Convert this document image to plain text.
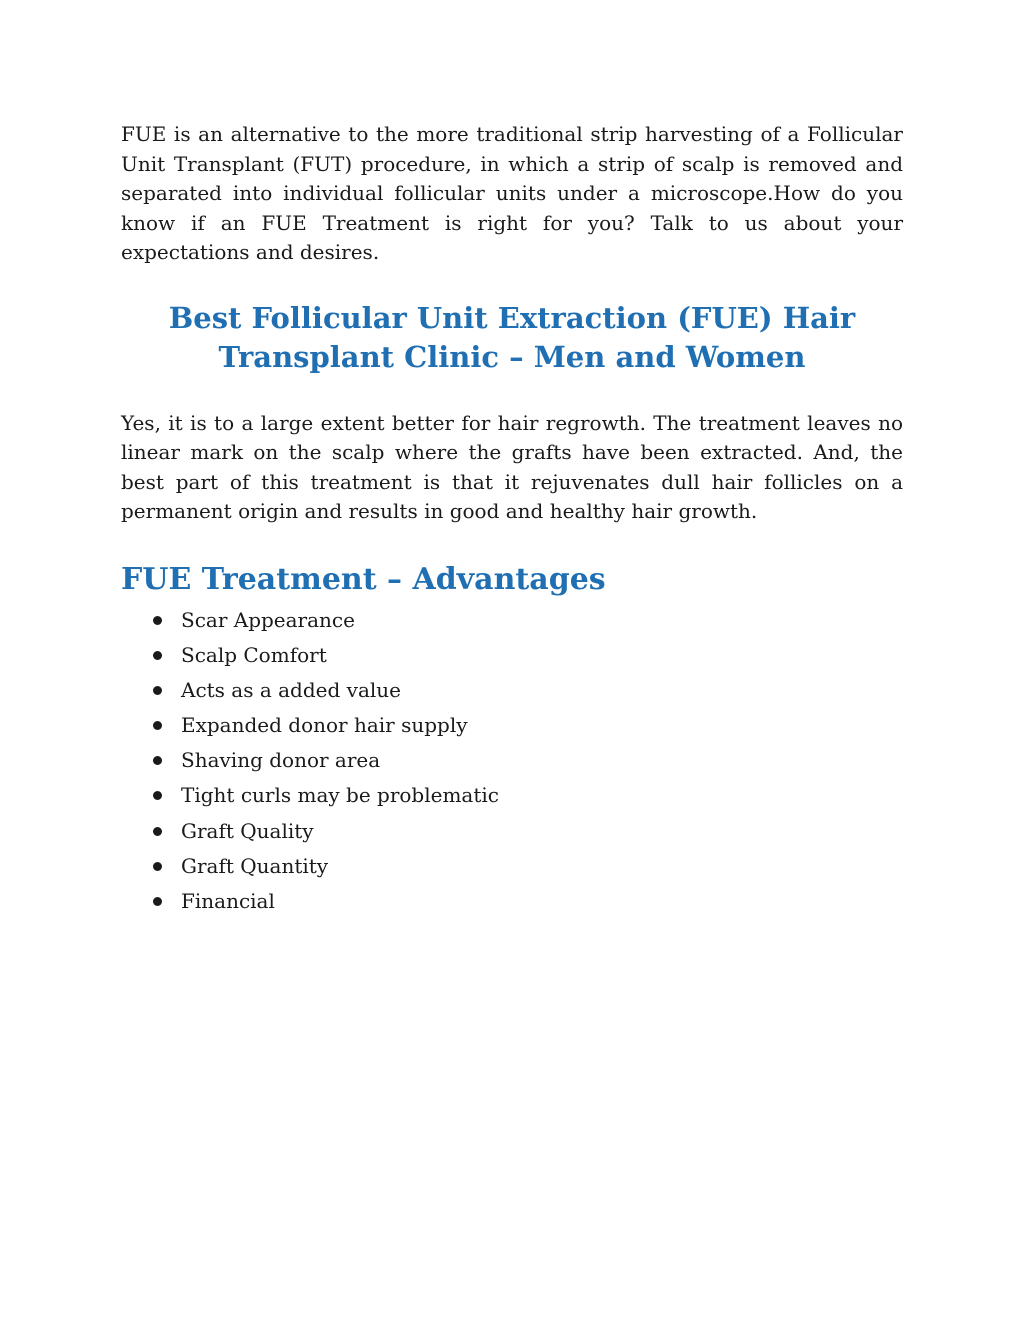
FUE is an alternative to the more traditional strip harvesting of a Follicular Unit Transplant (FUT) procedure, in which a strip of scalp is removed and separated into individual follicular units under a microscope.How do you know if an FUE Treatment is right for you? Talk to us about your expectations and desires.

Best Follicular Unit Extraction (FUE) Hair Transplant Clinic – Men and Women

Yes, it is to a large extent better for hair regrowth. The treatment leaves no linear mark on the scalp where the grafts have been extracted. And, the best part of this treatment is that it rejuvenates dull hair follicles on a permanent origin and results in good and healthy hair growth.

FUE Treatment – Advantages
Scar Appearance
Scalp Comfort
Acts as a added value
Expanded donor hair supply
Shaving donor area
Tight curls may be problematic
Graft Quality
Graft Quantity
Financial
